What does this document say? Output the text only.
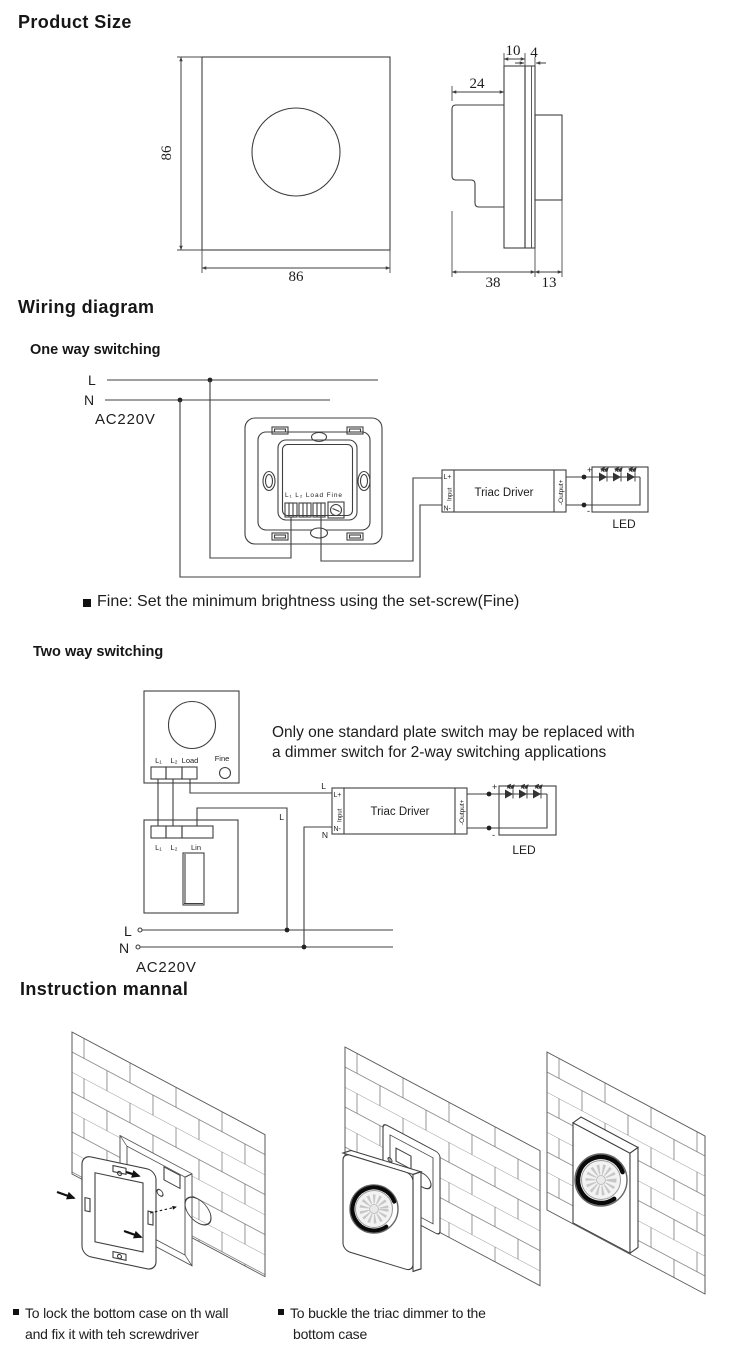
Product Size
86
86
24
10 4
38	13
Wiring diagram
One way switching
L
N
AC220V
L₁ L₂ Load Fine
L+
Input
N-
Triac Driver	-Output+
+
-
LED
Fine: Set the minimum brightness using the set-screw(Fine)
Two way switching
Only one standard plate switch may be replaced with
a dimmer switch for 2-way switching applications
L₁ L₂ Load Fine
L₁ L₂ Lin
L
L
N
L
N
AC220V
L+
Input
N-
Triac Driver	-Output+
+
-
LED
Instruction mannal
To lock the bottom case on th wall
and fix it with teh screwdriver
To buckle the triac dimmer to the
bottom case
